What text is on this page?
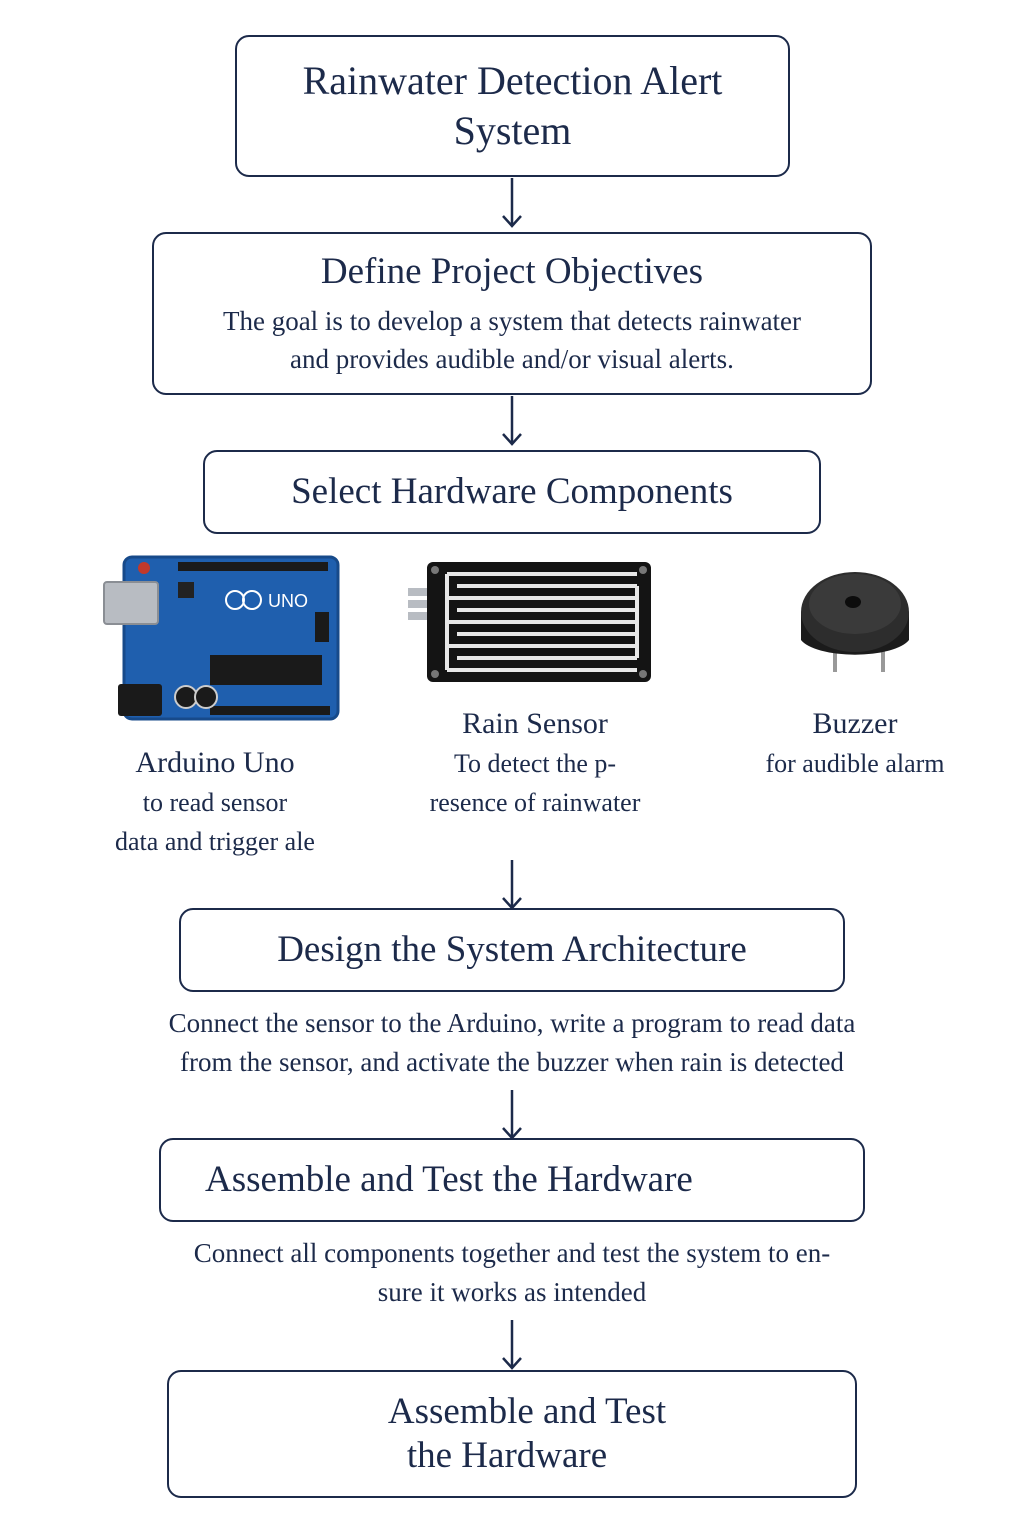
Rainwater Detection Alert
System
Define Project Objectives
The goal is to develop a system that detects rainwater
and provides audible and/or visual alerts.
Select Hardware Components
UNO
Arduino Uno
to read sensor
data and trigger ale
Rain Sensor
To detect the p-
resence of rainwater
Buzzer
for audible alarm
Design the System Architecture
Connect the sensor to the Arduino, write a program to read data
from the sensor, and activate the buzzer when rain is detected
Assemble and Test the Hardware
Connect all components together and test the system to en-
sure it works as intended
Assemble and Test
the Hardware
